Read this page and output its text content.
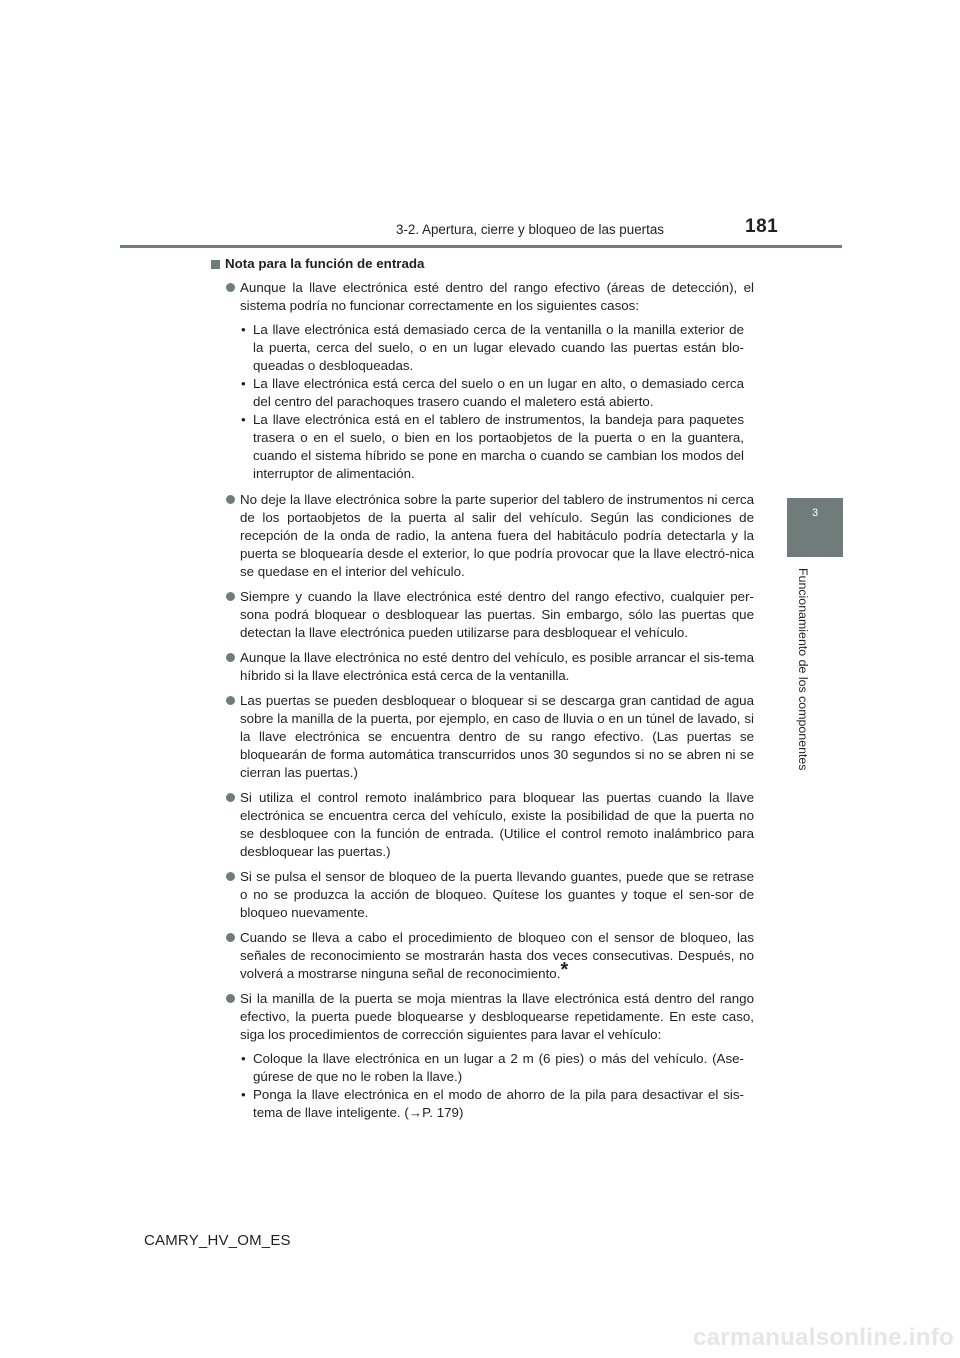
3-2. Apertura, cierre y bloqueo de las puertas	181
3
Funcionamiento de los componentes
Nota para la función de entrada
Aunque la llave electrónica esté dentro del rango efectivo (áreas de detección), el sistema podría no funcionar correctamente en los siguientes casos:
• La llave electrónica está demasiado cerca de la ventanilla o la manilla exterior de la puerta, cerca del suelo, o en un lugar elevado cuando las puertas están blo-queadas o desbloqueadas.
• La llave electrónica está cerca del suelo o en un lugar en alto, o demasiado cerca del centro del parachoques trasero cuando el maletero está abierto.
• La llave electrónica está en el tablero de instrumentos, la bandeja para paquetes trasera o en el suelo, o bien en los portaobjetos de la puerta o en la guantera, cuando el sistema híbrido se pone en marcha o cuando se cambian los modos del interruptor de alimentación.
No deje la llave electrónica sobre la parte superior del tablero de instrumentos ni cerca de los portaobjetos de la puerta al salir del vehículo. Según las condiciones de recepción de la onda de radio, la antena fuera del habitáculo podría detectarla y la puerta se bloquearía desde el exterior, lo que podría provocar que la llave electró-nica se quedase en el interior del vehículo.
Siempre y cuando la llave electrónica esté dentro del rango efectivo, cualquier per-sona podrá bloquear o desbloquear las puertas. Sin embargo, sólo las puertas que detectan la llave electrónica pueden utilizarse para desbloquear el vehículo.
Aunque la llave electrónica no esté dentro del vehículo, es posible arrancar el sis-tema híbrido si la llave electrónica está cerca de la ventanilla.
Las puertas se pueden desbloquear o bloquear si se descarga gran cantidad de agua sobre la manilla de la puerta, por ejemplo, en caso de lluvia o en un túnel de lavado, si la llave electrónica se encuentra dentro de su rango efectivo. (Las puertas se bloquearán de forma automática transcurridos unos 30 segundos si no se abren ni se cierran las puertas.)
Si utiliza el control remoto inalámbrico para bloquear las puertas cuando la llave electrónica se encuentra cerca del vehículo, existe la posibilidad de que la puerta no se desbloquee con la función de entrada. (Utilice el control remoto inalámbrico para desbloquear las puertas.)
Si se pulsa el sensor de bloqueo de la puerta llevando guantes, puede que se retrase o no se produzca la acción de bloqueo. Quítese los guantes y toque el sen-sor de bloqueo nuevamente.
Cuando se lleva a cabo el procedimiento de bloqueo con el sensor de bloqueo, las señales de reconocimiento se mostrarán hasta dos veces consecutivas. Después, no volverá a mostrarse ninguna señal de reconocimiento.*
Si la manilla de la puerta se moja mientras la llave electrónica está dentro del rango efectivo, la puerta puede bloquearse y desbloquearse repetidamente. En este caso, siga los procedimientos de corrección siguientes para lavar el vehículo:
• Coloque la llave electrónica en un lugar a 2 m (6 pies) o más del vehículo. (Ase-gúrese de que no le roben la llave.)
• Ponga la llave electrónica en el modo de ahorro de la pila para desactivar el sis-tema de llave inteligente. (→P. 179)
CAMRY_HV_OM_ES
carmanualsonline.info
